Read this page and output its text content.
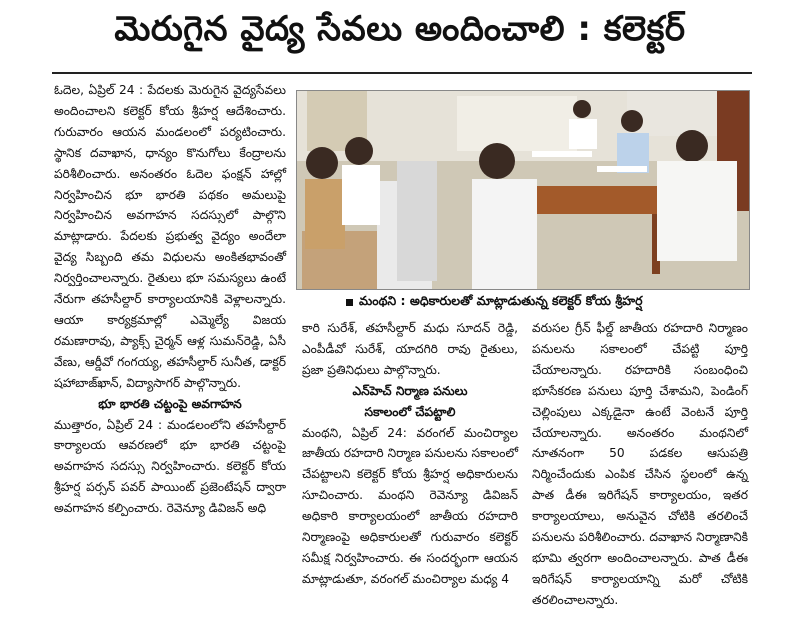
మెరుగైన వైద్య సేవలు అందించాలి : కలెక్టర్

ఓదెల, ఏప్రిల్ 24 : పేదలకు మెరుగైన వైద్యసేవలు అందించాలని కలెక్టర్ కోయ శ్రీహర్ష ఆదేశించారు. గురువారం ఆయన మండలంలో పర్యటించారు. స్థానిక దవాఖాన, ధాన్యం కొనుగోలు కేంద్రాలను పరిశీలించారు. అనంతరం ఓదెల ఫంక్షన్ హాల్లో నిర్వహించిన భూ భారతి పథకం అమలుపై నిర్వహించిన అవగాహన సదస్సులో పాల్గొని మాట్లాడారు. పేదలకు ప్రభుత్వ వైద్యం అందేలా వైద్య సిబ్బంది తమ విధులను అంకితభావంతో నిర్వర్తించాలన్నారు. రైతులు భూ సమస్యలు ఉంటే నేరుగా తహసీల్దార్ కార్యాలయానికి వెళ్లాలన్నారు. ఆయా కార్యక్రమాల్లో ఎమ్మెల్యే విజయ రమణారావు, ప్యాక్స్ చైర్మన్ ఆళ్ల సుమన్‌రెడ్డి, ఏసీ వేణు, ఆర్డీవో గంగయ్య, తహసీల్దార్ సునీత, డాక్టర్ షహాబాజ్‌ఖాన్, విద్యాసాగర్ పాల్గొన్నారు.

భూ భారతి చట్టంపై అవగాహన

ముత్తారం, ఏప్రిల్ 24 : మండలంలోని తహసీల్దార్ కార్యాలయ ఆవరణలో భూ భారతి చట్టంపై అవగాహన సదస్సు నిర్వహించారు. కలెక్టర్ కోయ శ్రీహర్ష పర్సన్ పవర్ పాయింట్ ప్రజెంటేషన్ ద్వారా అవగాహన కల్పించారు. రెవెన్యూ డివిజన్ అధి

మంథని : అధికారులతో మాట్లాడుతున్న కలెక్టర్ కోయ శ్రీహర్ష

కారి సురేశ్, తహసీల్దార్ మధు సూదన్ రెడ్డి, ఎంపీడీవో సురేశ్, యాదగిరి రావు రైతులు, ప్రజా ప్రతినిధులు పాల్గొన్నారు.

ఎన్‌హెచ్ నిర్మాణ పనులు

సకాలంలో చేపట్టాలి

మంథని, ఏప్రిల్ 24: వరంగల్ మంచిర్యాల జాతీయ రహదారి నిర్మాణ పనులను సకాలంలో చేపట్టాలని కలెక్టర్ కోయ శ్రీహర్ష అధికారులను సూచించారు. మంథని రెవెన్యూ డివిజన్ అధికారి కార్యాలయంలో జాతీయ రహదారి నిర్మాణంపై అధికారులతో గురువారం కలెక్టర్ సమీక్ష నిర్వహించారు. ఈ సందర్భంగా ఆయన మాట్లాడుతూ, వరంగల్ మంచిర్యాల మధ్య 4

వరుసల గ్రీన్ ఫీల్డ్ జాతీయ రహదారి నిర్మాణం పనులను సకాలంలో చేపట్టి పూర్తి చేయాలన్నారు. రహదారికి సంబంధించి భూసేకరణ పనులు పూర్తి చేశామని, పెండింగ్ చెల్లింపులు ఎక్కడైనా ఉంటే వెంటనే పూర్తి చేయాలన్నారు. అనంతరం మంథనిలో నూతనంగా 50 పడకల ఆసుపత్రి నిర్మించేందుకు ఎంపిక చేసిన స్థలంలో ఉన్న పాత డీఈ ఇరిగేషన్ కార్యాలయం, ఇతర కార్యాలయాలు, అనువైన చోటికి తరలించే పనులను పరిశీలించారు. దవాఖాన నిర్మాణానికి భూమి త్వరగా అందించాలన్నారు. పాత డీఈ ఇరిగేషన్ కార్యాలయాన్ని మరో చోటికి తరలించాలన్నారు.
